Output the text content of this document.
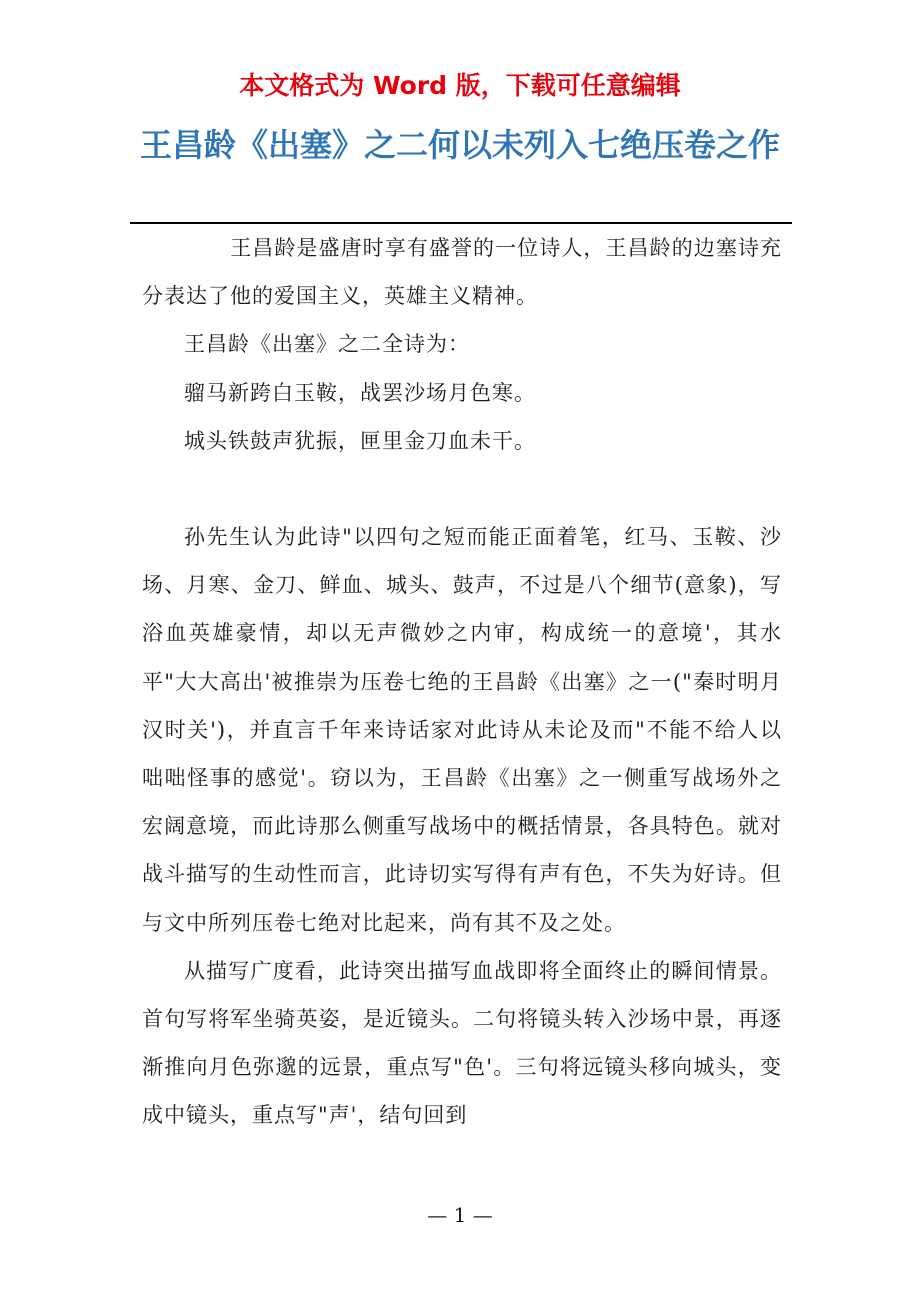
本文格式为 Word 版，下载可任意编辑
王昌龄《出塞》之二何以未列入七绝压卷之作

王昌龄是盛唐时享有盛誉的一位诗人，王昌龄的边塞诗充分表达了他的爱国主义，英雄主义精神。

王昌龄《出塞》之二全诗为：

骝马新跨白玉鞍，战罢沙场月色寒。

城头铁鼓声犹振，匣里金刀血未干。

孙先生认为此诗"以四句之短而能正面着笔，红马、玉鞍、沙场、月寒、金刀、鲜血、城头、鼓声，不过是八个细节(意象)，写浴血英雄豪情，却以无声微妙之内审，构成统一的意境'，其水平"大大高出'被推崇为压卷七绝的王昌龄《出塞》之一("秦时明月汉时关')，并直言千年来诗话家对此诗从未论及而"不能不给人以咄咄怪事的感觉'。窃以为，王昌龄《出塞》之一侧重写战场外之宏阔意境，而此诗那么侧重写战场中的概括情景，各具特色。就对战斗描写的生动性而言，此诗切实写得有声有色，不失为好诗。但与文中所列压卷七绝对比起来，尚有其不及之处。

从描写广度看，此诗突出描写血战即将全面终止的瞬间情景。首句写将军坐骑英姿，是近镜头。二句将镜头转入沙场中景，再逐渐推向月色弥邈的远景，重点写"色'。三句将远镜头移向城头，变成中镜头，重点写"声'，结句回到

— 1 —
